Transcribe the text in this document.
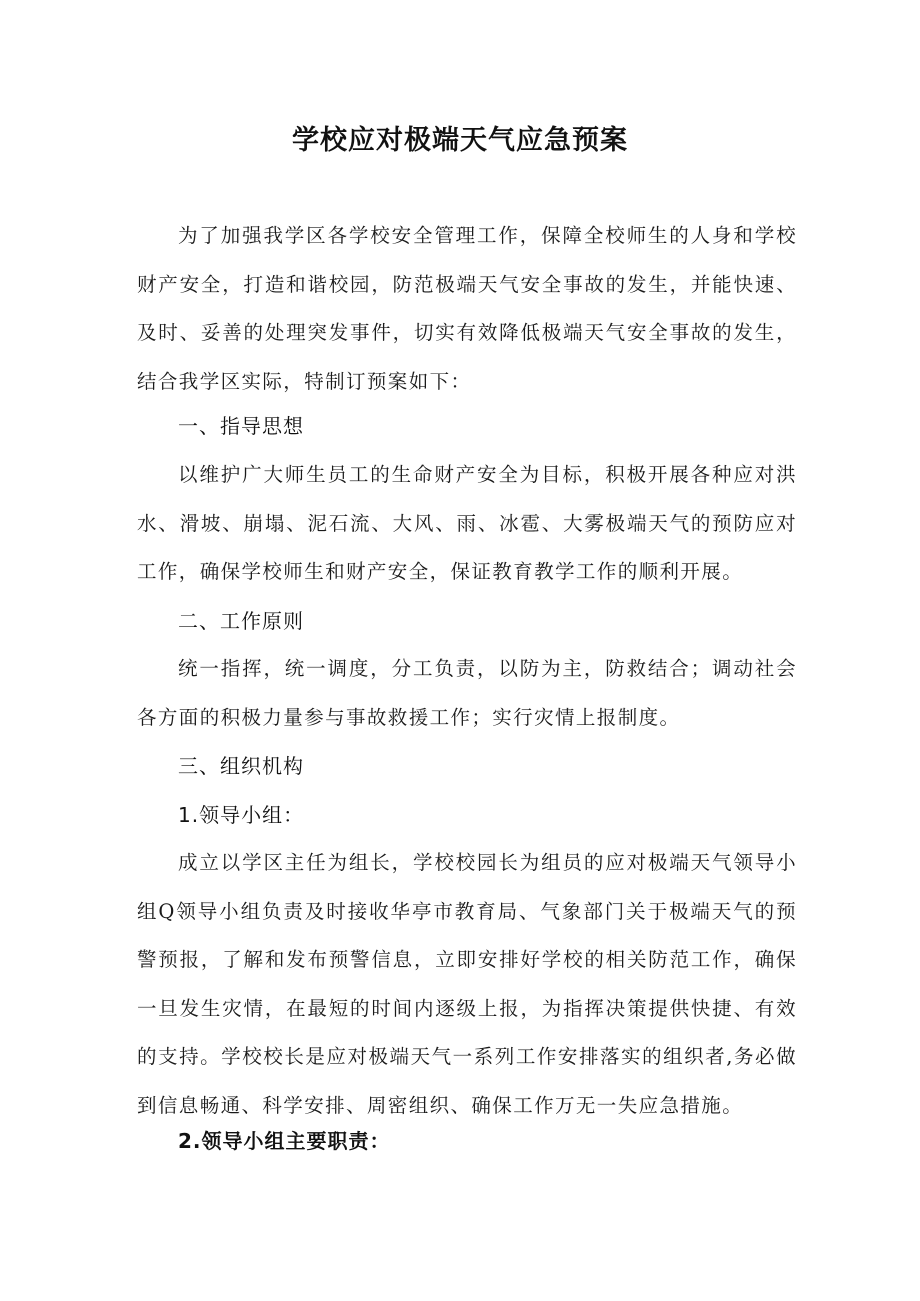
学校应对极端天气应急预案

为了加强我学区各学校安全管理工作，保障全校师生的人身和学校财产安全，打造和谐校园，防范极端天气安全事故的发生，并能快速、及时、妥善的处理突发事件，切实有效降低极端天气安全事故的发生，结合我学区实际，特制订预案如下：

一、指导思想

以维护广大师生员工的生命财产安全为目标，积极开展各种应对洪水、滑坡、崩塌、泥石流、大风、雨、冰雹、大雾极端天气的预防应对工作，确保学校师生和财产安全，保证教育教学工作的顺利开展。

二、工作原则

统一指挥，统一调度，分工负责，以防为主，防救结合；调动社会各方面的积极力量参与事故救援工作；实行灾情上报制度。

三、组织机构
1.领导小组：

成立以学区主任为组长，学校校园长为组员的应对极端天气领导小组Q领导小组负责及时接收华亭市教育局、气象部门关于极端天气的预警预报，了解和发布预警信息，立即安排好学校的相关防范工作，确保一旦发生灾情，在最短的时间内逐级上报，为指挥决策提供快捷、有效的支持。学校校长是应对极端天气一系列工作安排落实的组织者,务必做到信息畅通、科学安排、周密组织、确保工作万无一失应急措施。

2.领导小组主要职责：
